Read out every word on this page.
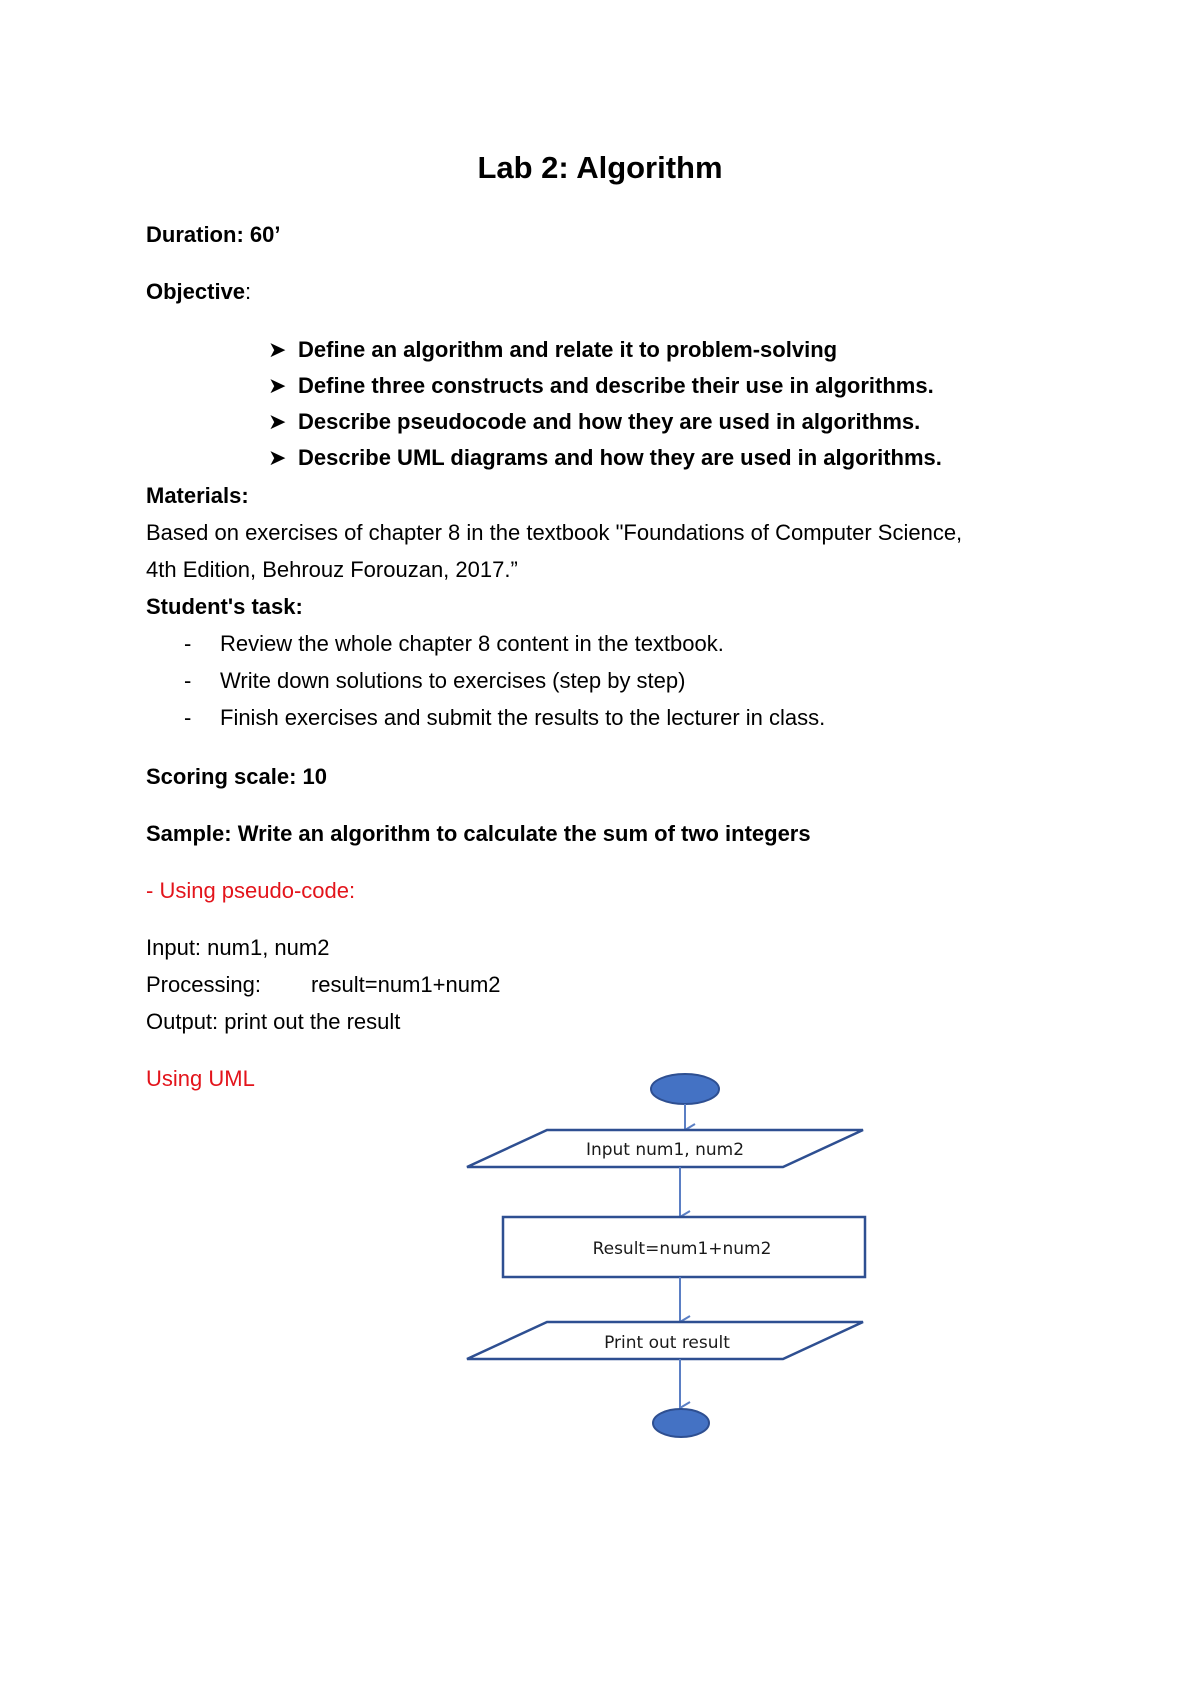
Lab 2: Algorithm
Duration: 60’
Objective:
➤ Define an algorithm and relate it to problem-solving
➤ Define three constructs and describe their use in algorithms.
➤ Describe pseudocode and how they are used in algorithms.
➤ Describe UML diagrams and how they are used in algorithms.
Materials:
Based on exercises of chapter 8 in the textbook "Foundations of Computer Science,
4th Edition, Behrouz Forouzan, 2017.”
Student's task:
- Review the whole chapter 8 content in the textbook.
- Write down solutions to exercises (step by step)
- Finish exercises and submit the results to the lecturer in class.
Scoring scale: 10
Sample: Write an algorithm to calculate the sum of two integers
- Using pseudo-code:
Input: num1, num2
Processing: result=num1+num2
Output: print out the result
Using UML
Input num1, num2
Result=num1+num2
Print out result
